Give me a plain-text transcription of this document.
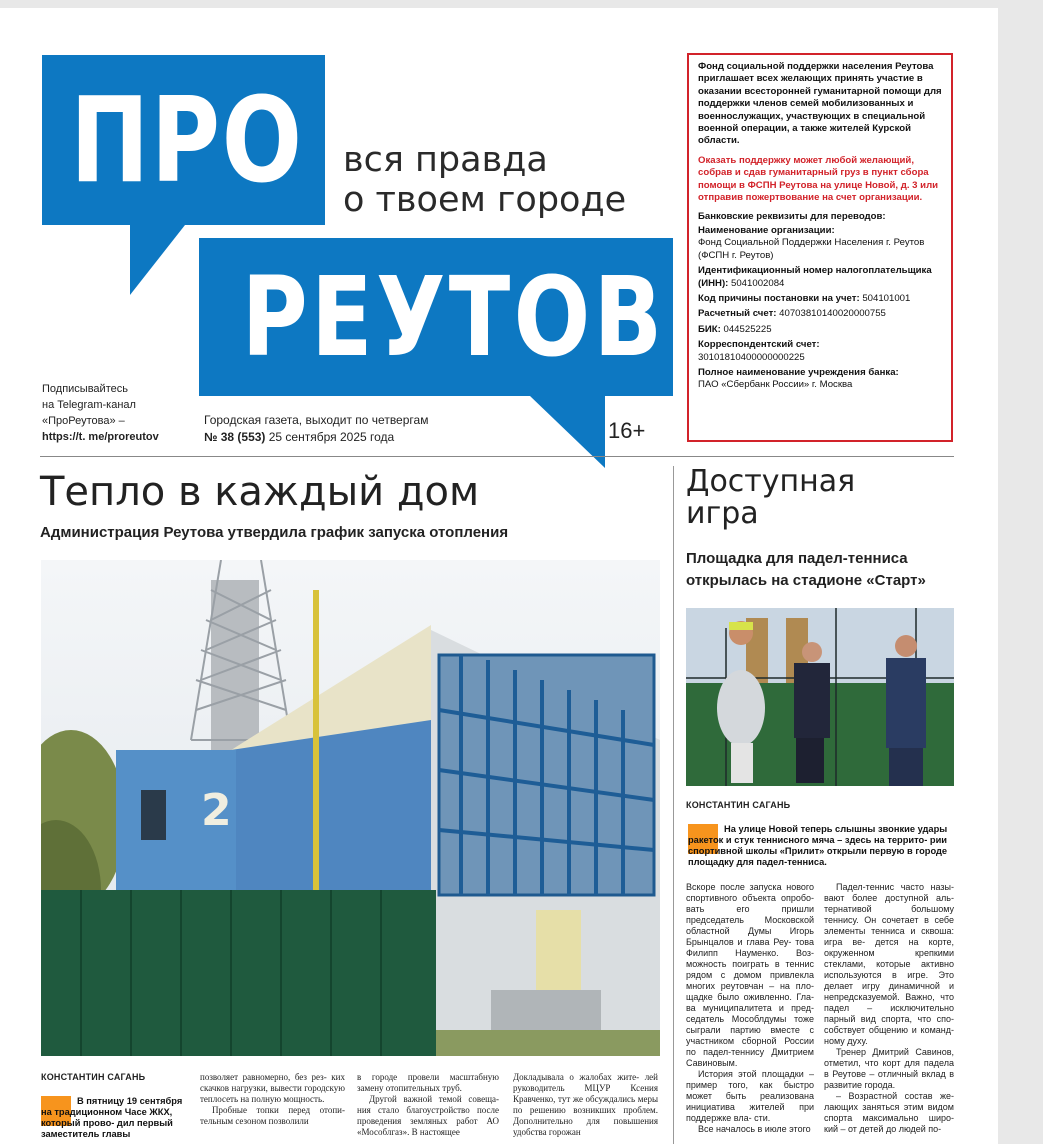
ПРО вся правда
о твоем городе
РЕУТОВ
Подписывайтесь
на Telegram-канал
«ПроРеутова» –
https://t. me/proreutov
Городская газета, выходит по четвергам
№ 38 (553) 25 сентября 2025 года	16+

Фонд социальной поддержки населения Реутова приглашает всех желающих принять участие в оказании всесторонней гуманитарной помощи для поддержки членов семей мобилизованных и военнослужащих, участвующих в специальной военной операции, а также жителей Курской области.

Оказать поддержку может любой желающий, собрав и сдав гуманитарный груз в пункт сбора помощи в ФСПН Реутова на улице Новой, д. 3 или отправив пожертвование на счет организации.

Банковские реквизиты для переводов:

Наименование организации:
Фонд Социальной Поддержки Населения г. Реутов (ФСПН г. Реутов)
Идентификационный номер налогоплательщика (ИНН): 5041002084
Код причины постановки на учет: 504101001
Расчетный счет: 40703810140020000755
БИК: 044525225
Корреспондентский счет:
30101810400000000225
Полное наименование учреждения банка:
ПАО «Сбербанк России» г. Москва
Тепло в каждый дом
Администрация Реутова утвердила график запуска отопления
2
КОНСТАНТИН САГАНЬ
В пятницу 19 сентября на традиционном Часе ЖКХ, который прово- дил первый заместитель главы

позволяет равномерно, без рез- ких скачков нагрузки, вывести городскую теплосеть на полную мощность.

Пробные топки перед отопи- тельным сезоном позволили

в городе провели масштабную замену отопительных труб.

Другой важной темой совеща- ния стало благоустройство после проведения земляных работ АО «Мособлгаз». В настоящее

Докладывала о жалобах жите- лей руководитель МЦУР Ксения Кравченко, тут же обсуждались меры по решению возникших проблем. Дополнительно для повышения удобства горожан

Доступная
игра
Площадка для падел-тенниса открылась на стадионе «Старт»
КОНСТАНТИН САГАНЬ
На улице Новой теперь слышны звонкие удары ракеток и стук теннисного мяча – здесь на террито- рии спортивной школы «Прилит» открыли первую в городе площадку для падел-тенниса.

Вскоре после запуска нового спортивного объекта опробо- вать его пришли председатель Московской областной Думы Игорь Брынцалов и глава Реу- това Филипп Науменко. Воз- можность поиграть в теннис рядом с домом привлекла многих реутовчан – на пло- щадке было оживленно. Гла- ва муниципалитета и пред- седатель Мособлдумы тоже сыграли партию вместе с участником сборной России по падел-теннису Дмитрием Савиновым.

История этой площадки – пример того, как быстро может быть реализована инициатива жителей при поддержке вла- сти.

Все началось в июле этого

Падел-теннис часто назы- вают более доступной аль- тернативой большому теннису. Он сочетает в себе элементы тенниса и сквоша: игра ве- дется на корте, окруженном крепкими стеклами, которые активно используются в игре. Это делает игру динамичной и непредсказуемой. Важно, что падел – исключительно парный вид спорта, что спо- собствует общению и команд- ному духу.

Тренер Дмитрий Савинов, отметил, что корт для падела в Реутове – отличный вклад в развитие города.

– Возрастной состав же- лающих заняться этим видом спорта максимально широ- кий – от детей до людей по-
